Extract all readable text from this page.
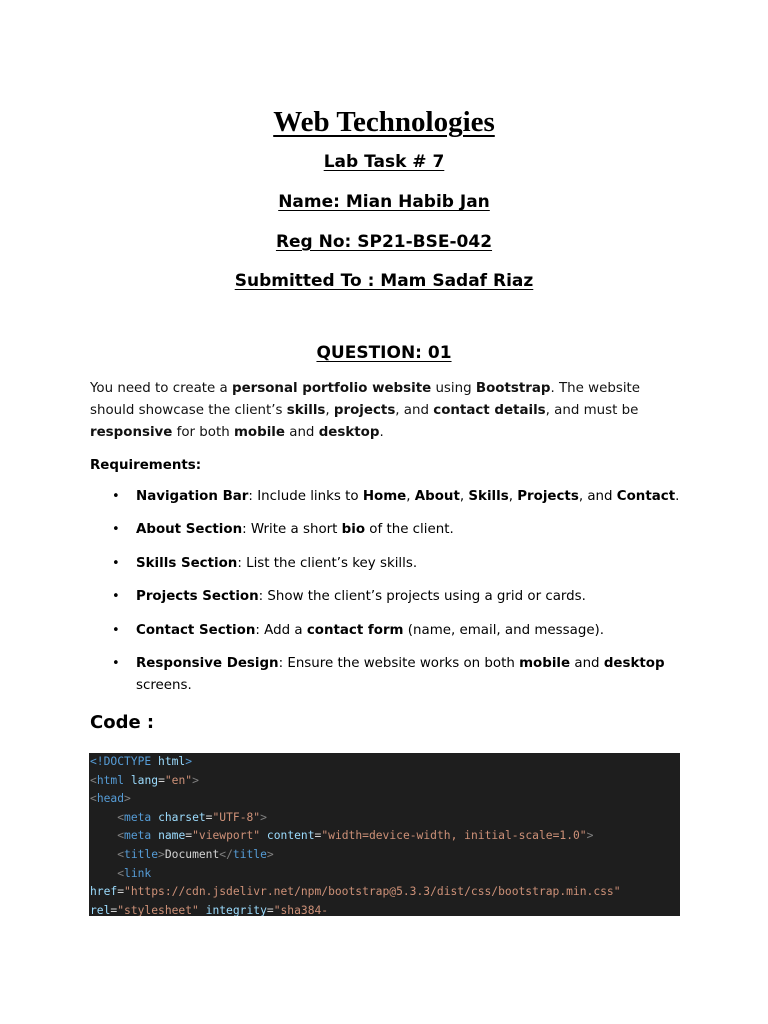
Web Technologies
Lab Task # 7
Name: Mian Habib Jan
Reg No: SP21-BSE-042
Submitted To : Mam Sadaf Riaz
QUESTION: 01
You need to create a personal portfolio website using Bootstrap. The website should showcase the client’s skills, projects, and contact details, and must be responsive for both mobile and desktop.
Requirements:
• Navigation Bar: Include links to Home, About, Skills, Projects, and Contact.
• About Section: Write a short bio of the client.
• Skills Section: List the client’s key skills.
• Projects Section: Show the client’s projects using a grid or cards.
• Contact Section: Add a contact form (name, email, and message).
• Responsive Design: Ensure the website works on both mobile and desktop screens.
Code :
<!DOCTYPE html>
<html lang="en">
<head>
<meta charset="UTF-8">
<meta name="viewport" content="width=device-width, initial-scale=1.0">
<title>Document</title>
<link
href="https://cdn.jsdelivr.net/npm/bootstrap@5.3.3/dist/css/bootstrap.min.css"
rel="stylesheet" integrity="sha384-
